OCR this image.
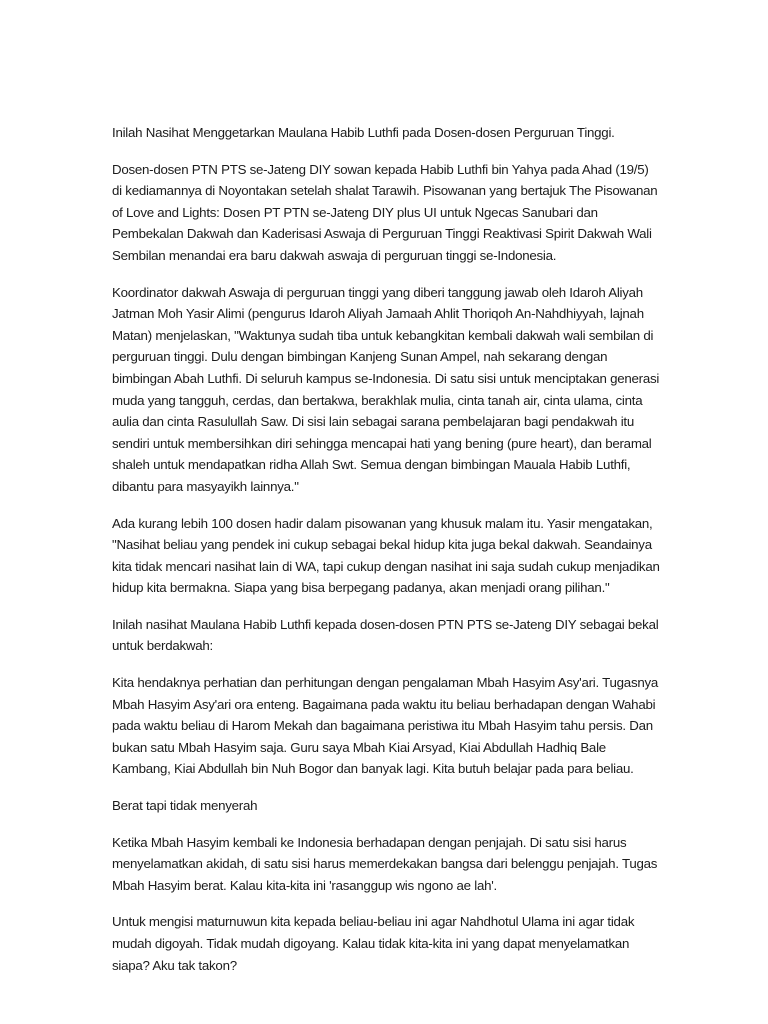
Inilah Nasihat Menggetarkan Maulana Habib Luthfi pada Dosen-dosen Perguruan Tinggi.

Dosen-dosen PTN PTS se-Jateng DIY sowan kepada Habib Luthfi bin Yahya pada Ahad (19/5) di kediamannya di Noyontakan setelah shalat Tarawih. Pisowanan yang bertajuk The Pisowanan of Love and Lights: Dosen PT PTN se-Jateng DIY plus UI untuk Ngecas Sanubari dan Pembekalan Dakwah dan Kaderisasi Aswaja di Perguruan Tinggi Reaktivasi Spirit Dakwah Wali Sembilan menandai era baru dakwah aswaja di perguruan tinggi se-Indonesia.

Koordinator dakwah Aswaja di perguruan tinggi yang diberi tanggung jawab oleh Idaroh Aliyah Jatman Moh Yasir Alimi (pengurus Idaroh Aliyah Jamaah Ahlit Thoriqoh An-Nahdhiyyah, lajnah Matan) menjelaskan, "Waktunya sudah tiba untuk kebangkitan kembali dakwah wali sembilan di perguruan tinggi. Dulu dengan bimbingan Kanjeng Sunan Ampel, nah sekarang dengan bimbingan Abah Luthfi. Di seluruh kampus se-Indonesia. Di satu sisi untuk menciptakan generasi muda yang tangguh, cerdas, dan bertakwa, berakhlak mulia, cinta tanah air, cinta ulama, cinta aulia dan cinta Rasulullah Saw. Di sisi lain sebagai sarana pembelajaran bagi pendakwah itu sendiri untuk membersihkan diri sehingga mencapai hati yang bening (pure heart), dan beramal shaleh untuk mendapatkan ridha Allah Swt. Semua dengan bimbingan Mauala Habib Luthfi, dibantu para masyayikh lainnya."

Ada kurang lebih 100 dosen hadir dalam pisowanan yang khusuk malam itu. Yasir mengatakan, "Nasihat beliau yang pendek ini cukup sebagai bekal hidup kita juga bekal dakwah. Seandainya kita tidak mencari nasihat lain di WA, tapi cukup dengan nasihat ini saja sudah cukup menjadikan hidup kita bermakna. Siapa yang bisa berpegang padanya, akan menjadi orang pilihan."

Inilah nasihat Maulana Habib Luthfi kepada dosen-dosen PTN PTS se-Jateng DIY sebagai bekal untuk berdakwah:

Kita hendaknya perhatian dan perhitungan dengan pengalaman Mbah Hasyim Asy'ari. Tugasnya Mbah Hasyim Asy'ari ora enteng. Bagaimana pada waktu itu beliau berhadapan dengan Wahabi pada waktu beliau di Harom Mekah dan bagaimana peristiwa itu Mbah Hasyim tahu persis. Dan bukan satu Mbah Hasyim saja. Guru saya Mbah Kiai Arsyad, Kiai Abdullah Hadhiq Bale Kambang, Kiai Abdullah bin Nuh Bogor dan banyak lagi. Kita butuh belajar pada para beliau.

Berat tapi tidak menyerah

Ketika Mbah Hasyim kembali ke Indonesia berhadapan dengan penjajah. Di satu sisi harus menyelamatkan akidah, di satu sisi harus memerdekakan bangsa dari belenggu penjajah. Tugas Mbah Hasyim berat. Kalau kita-kita ini 'rasanggup wis ngono ae lah'.

Untuk mengisi maturnuwun kita kepada beliau-beliau ini agar Nahdhotul Ulama ini agar tidak mudah digoyah. Tidak mudah digoyang. Kalau tidak kita-kita ini yang dapat menyelamatkan siapa? Aku tak takon?
